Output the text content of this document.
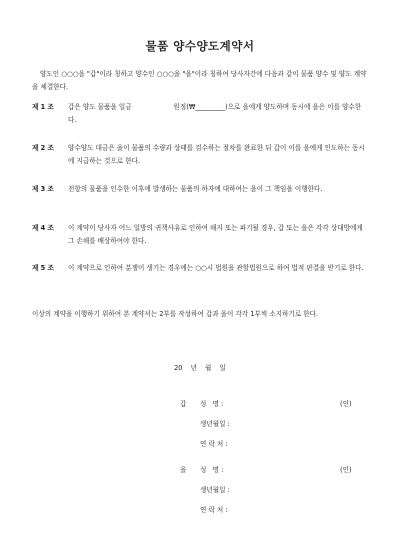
물품 양수양도계약서
양도인 ○○○을 "갑"이라 칭하고 양수인 ○○○을 "을"이라 칭하여 당사자간에 다음과 같이 물품 양수 및 양도 계약을 체결한다.
제 1 조	갑은 양도 물품을 일금                    원정(₩_________)으로 을에게 양도하며 동시에 을은 이를 양수한다.
제 2 조	양수양도 대금은 을이 물품의 수량과 상태를 검수하는 절차를 완료한 뒤 갑이 이를 을에게 인도하는 동시에 지급하는 것으로 한다.
제 3 조	전항의 물품을 인수한 이후에 발생하는 물품의 하자에 대하여는 을이 그 책임을 이행한다.
제 4 조	이 계약이 당사자 어느 일방의 귀책사유로 인하여 해지 또는 파기될 경우, 갑 또는 을은 각각 상대방에게 그 손해를 배상하여야 한다.
제 5 조	이 계약으로 인하여 분쟁이 생기는 경우에는 ○○시 법원을 관할법원으로 하여 법적 판결을 받기로 한다.
이상의 계약을 이행하기 위하여 본 계약서는 2부를 작성하여 갑과 을이 각각 1부씩 소지하기로 한다.
20 년 월 일
갑	성   명 :	(인)
생년월일 :
연 락 처 :
을	성   명 :	(인)
생년월일 :
연 락 처 :
